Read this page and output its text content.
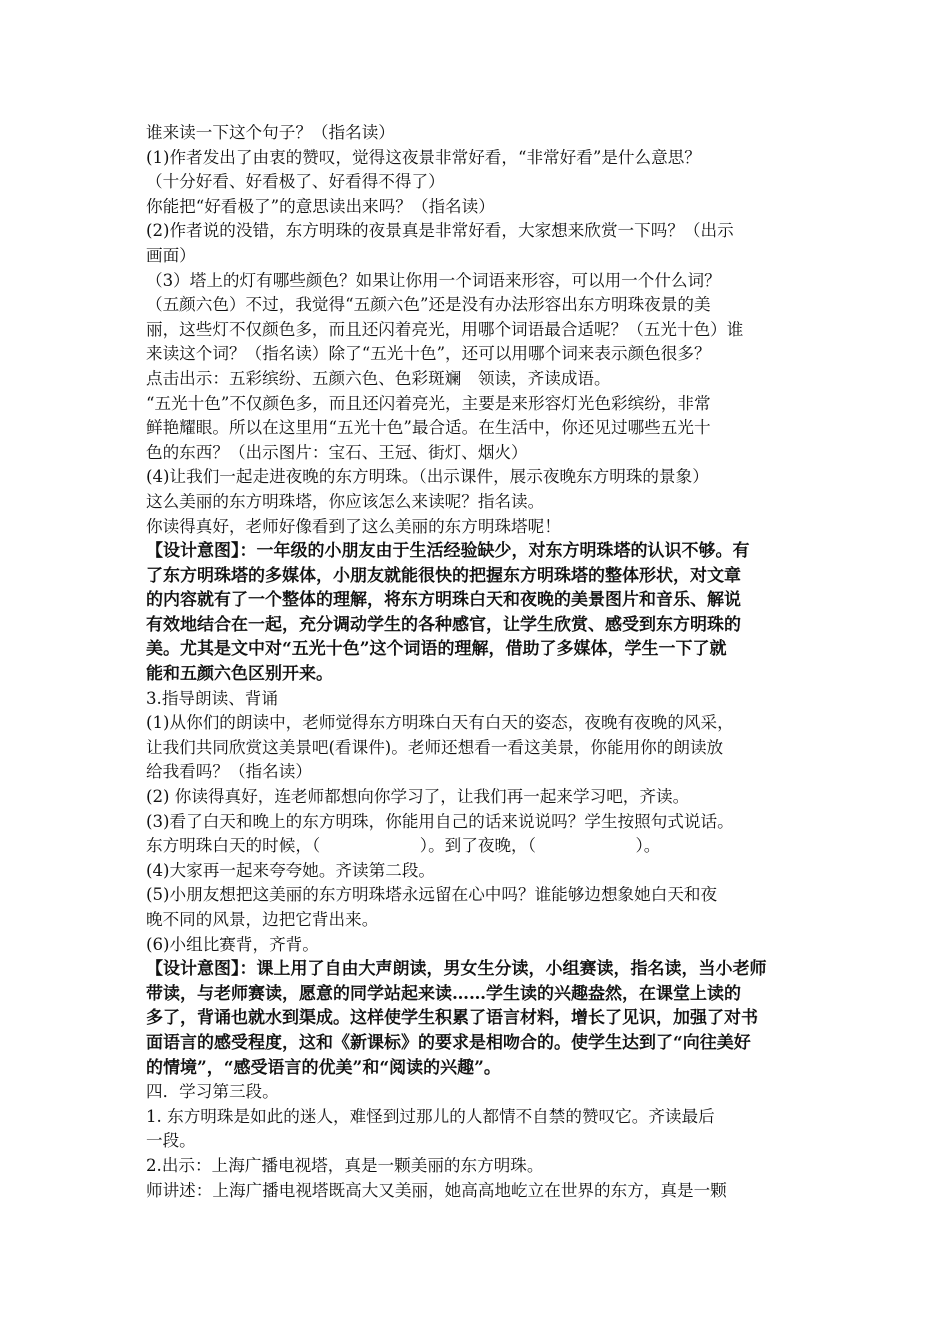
谁来读一下这个句子？（指名读）
(1)作者发出了由衷的赞叹，觉得这夜景非常好看，“非常好看”是什么意思？
（十分好看、好看极了、好看得不得了）
你能把“好看极了”的意思读出来吗？（指名读）
(2)作者说的没错，东方明珠的夜景真是非常好看，大家想来欣赏一下吗？（出示
画面）
（3）塔上的灯有哪些颜色？如果让你用一个词语来形容，可以用一个什么词？
（五颜六色）不过，我觉得“五颜六色”还是没有办法形容出东方明珠夜景的美
丽，这些灯不仅颜色多，而且还闪着亮光，用哪个词语最合适呢？（五光十色）谁
来读这个词？（指名读）除了“五光十色”，还可以用哪个词来表示颜色很多？
点击出示：五彩缤纷、五颜六色、色彩斑斓　领读，齐读成语。
“五光十色”不仅颜色多，而且还闪着亮光，主要是来形容灯光色彩缤纷，非常
鲜艳耀眼。所以在这里用“五光十色”最合适。在生活中，你还见过哪些五光十
色的东西？（出示图片：宝石、王冠、街灯、烟火）
(4)让我们一起走进夜晚的东方明珠。（出示课件，展示夜晚东方明珠的景象）
这么美丽的东方明珠塔，你应该怎么来读呢？指名读。
你读得真好，老师好像看到了这么美丽的东方明珠塔呢！
【设计意图】：一年级的小朋友由于生活经验缺少，对东方明珠塔的认识不够。有
了东方明珠塔的多媒体，小朋友就能很快的把握东方明珠塔的整体形状，对文章
的内容就有了一个整体的理解，将东方明珠白天和夜晚的美景图片和音乐、解说
有效地结合在一起，充分调动学生的各种感官，让学生欣赏、感受到东方明珠的
美。尤其是文中对“五光十色”这个词语的理解，借助了多媒体，学生一下了就
能和五颜六色区别开来。
3.指导朗读、背诵
(1)从你们的朗读中，老师觉得东方明珠白天有白天的姿态，夜晚有夜晚的风采，
让我们共同欣赏这美景吧(看课件)。老师还想看一看这美景，你能用你的朗读放
给我看吗？（指名读）
(2) 你读得真好，连老师都想向你学习了，让我们再一起来学习吧，齐读。
(3)看了白天和晚上的东方明珠，你能用自己的话来说说吗？学生按照句式说话。
东方明珠白天的时候，（　　　　　　）。到了夜晚，（　　　　　　）。
(4)大家再一起来夸夸她。齐读第二段。
(5)小朋友想把这美丽的东方明珠塔永远留在心中吗？谁能够边想象她白天和夜
晚不同的风景，边把它背出来。
(6)小组比赛背，齐背。
【设计意图】：课上用了自由大声朗读，男女生分读，小组赛读，指名读，当小老师
带读，与老师赛读，愿意的同学站起来读……学生读的兴趣盎然，在课堂上读的
多了，背诵也就水到渠成。这样使学生积累了语言材料，增长了见识，加强了对书
面语言的感受程度，这和《新课标》的要求是相吻合的。使学生达到了“向往美好
的情境”，“感受语言的优美”和“阅读的兴趣”。
四．学习第三段。
1. 东方明珠是如此的迷人，难怪到过那儿的人都情不自禁的赞叹它。齐读最后
一段。
2.出示：上海广播电视塔，真是一颗美丽的东方明珠。
师讲述：上海广播电视塔既高大又美丽，她高高地屹立在世界的东方，真是一颗
